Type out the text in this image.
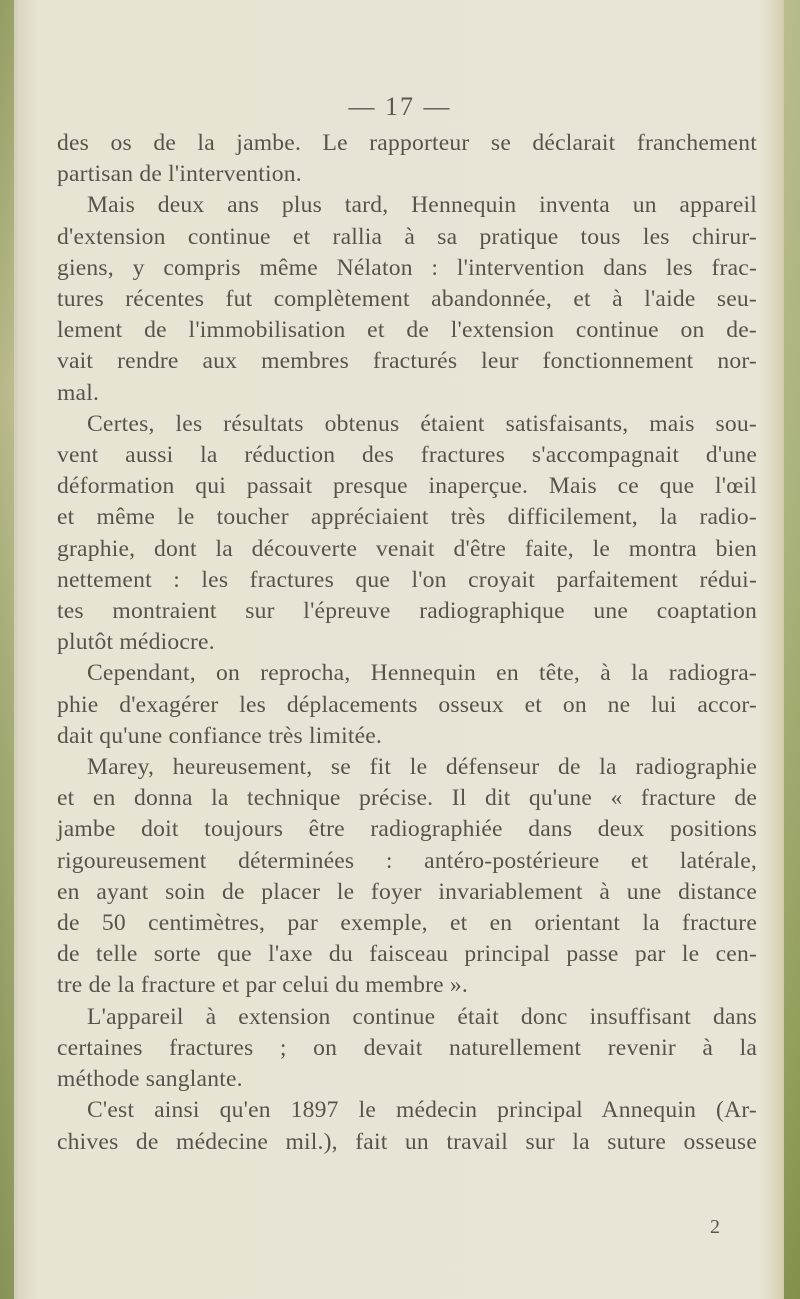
— 17 —

des os de la jambe. Le rapporteur se déclarait franchement

partisan de l'intervention.

Mais deux ans plus tard, Hennequin inventa un appareil

d'extension continue et rallia à sa pratique tous les chirur-

giens, y compris même Nélaton : l'intervention dans les frac-

tures récentes fut complètement abandonnée, et à l'aide seu-

lement de l'immobilisation et de l'extension continue on de-

vait rendre aux membres fracturés leur fonctionnement nor-

mal.

Certes, les résultats obtenus étaient satisfaisants, mais sou-

vent aussi la réduction des fractures s'accompagnait d'une

déformation qui passait presque inaperçue. Mais ce que l'œil

et même le toucher appréciaient très difficilement, la radio-

graphie, dont la découverte venait d'être faite, le montra bien

nettement : les fractures que l'on croyait parfaitement rédui-

tes montraient sur l'épreuve radiographique une coaptation

plutôt médiocre.

Cependant, on reprocha, Hennequin en tête, à la radiogra-

phie d'exagérer les déplacements osseux et on ne lui accor-

dait qu'une confiance très limitée.

Marey, heureusement, se fit le défenseur de la radiographie

et en donna la technique précise. Il dit qu'une « fracture de

jambe doit toujours être radiographiée dans deux positions

rigoureusement déterminées : antéro-postérieure et latérale,

en ayant soin de placer le foyer invariablement à une distance

de 50 centimètres, par exemple, et en orientant la fracture

de telle sorte que l'axe du faisceau principal passe par le cen-

tre de la fracture et par celui du membre ».

L'appareil à extension continue était donc insuffisant dans

certaines fractures ; on devait naturellement revenir à la

méthode sanglante.

C'est ainsi qu'en 1897 le médecin principal Annequin (Ar-

chives de médecine mil.), fait un travail sur la suture osseuse

2
